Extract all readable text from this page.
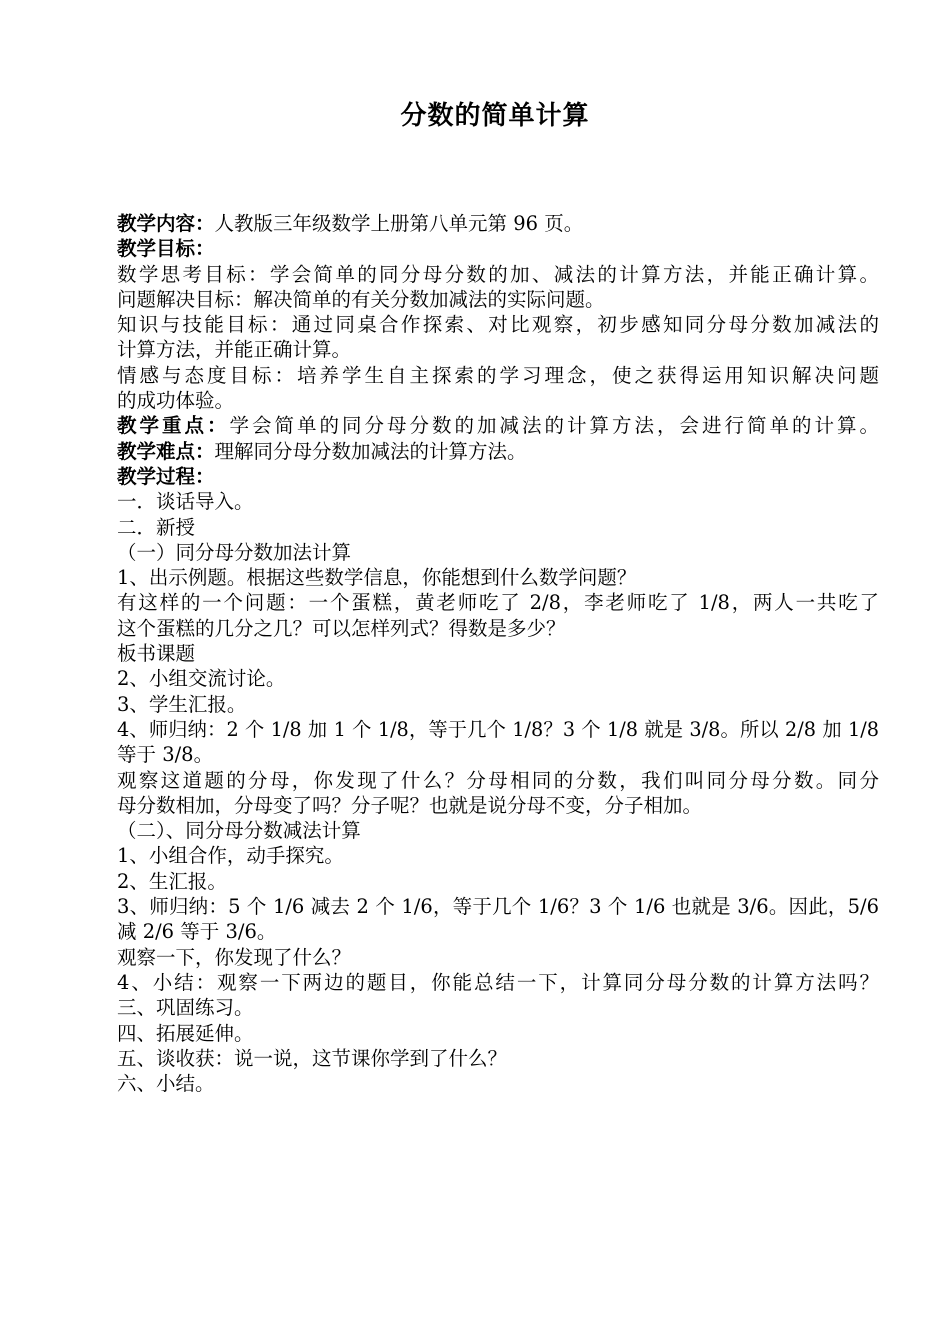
分数的简单计算
教学内容：人教版三年级数学上册第八单元第 96 页。
教学目标：
数学思考目标：学会简单的同分母分数的加、减法的计算方法，并能正确计算。
问题解决目标：解决简单的有关分数加减法的实际问题。
知识与技能目标：通过同桌合作探索、对比观察，初步感知同分母分数加减法的
计算方法，并能正确计算。
情感与态度目标：培养学生自主探索的学习理念，使之获得运用知识解决问题
的成功体验。
教学重点：学会简单的同分母分数的加减法的计算方法，会进行简单的计算。
教学难点：理解同分母分数加减法的计算方法。
教学过程：
一．谈话导入。
二．新授
（一）同分母分数加法计算
1、出示例题。根据这些数学信息，你能想到什么数学问题？
有这样的一个问题：一个蛋糕，黄老师吃了 2/8，李老师吃了 1/8，两人一共吃了
这个蛋糕的几分之几？可以怎样列式？得数是多少？
板书课题
2、小组交流讨论。
3、学生汇报。
4、师归纳：2 个 1/8 加 1 个 1/8，等于几个 1/8？3 个 1/8 就是 3/8。所以 2/8 加 1/8
等于 3/8。
观察这道题的分母，你发现了什么？分母相同的分数，我们叫同分母分数。同分
母分数相加，分母变了吗？分子呢？也就是说分母不变，分子相加。
（二）、同分母分数减法计算
1、小组合作，动手探究。
2、生汇报。
3、师归纳：5 个 1/6 减去 2 个 1/6，等于几个 1/6？3 个 1/6 也就是 3/6。因此，5/6
减 2/6 等于 3/6。
观察一下，你发现了什么？
4、小结：观察一下两边的题目，你能总结一下，计算同分母分数的计算方法吗？
三、巩固练习。
四、拓展延伸。
五、谈收获：说一说，这节课你学到了什么？
六、小结。
